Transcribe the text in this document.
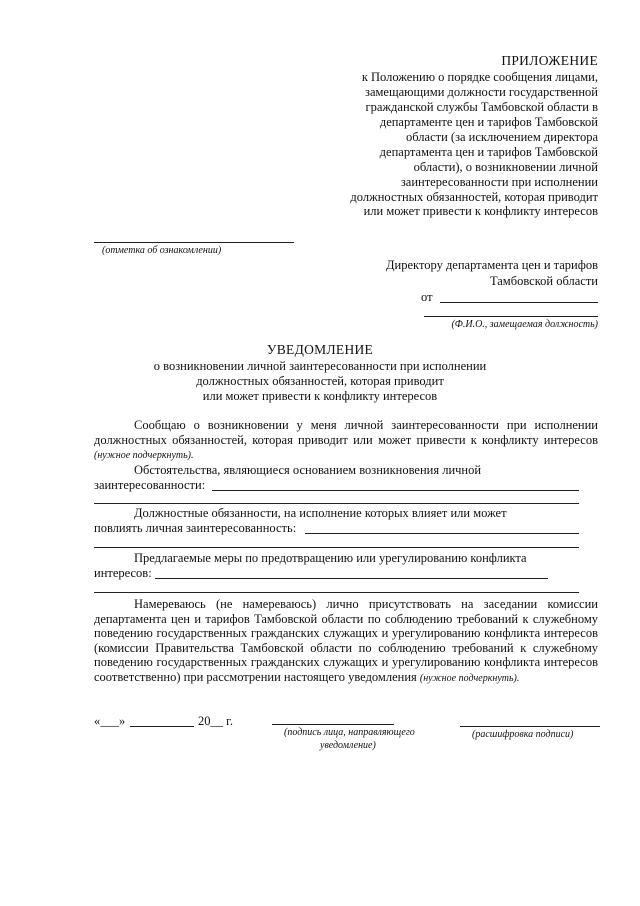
ПРИЛОЖЕНИЕ
к Положению о порядке сообщения лицами,
замещающими должности государственной
гражданской службы Тамбовской области в
департаменте цен и тарифов Тамбовской
области (за исключением директора
департамента цен и тарифов Тамбовской
области), о возникновении личной
заинтересованности при исполнении
должностных обязанностей, которая приводит
или может привести к конфликту интересов
(отметка об ознакомлении)
Директору департамента цен и тарифов
Тамбовской области
от
(Ф.И.О., замещаемая должность)
УВЕДОМЛЕНИЕ
о возникновении личной заинтересованности при исполнении
должностных обязанностей, которая приводит
или может привести к конфликту интересов
Сообщаю о возникновении у меня личной заинтересованности при исполнении должностных обязанностей, которая приводит или может привести к конфликту интересов (нужное подчеркнуть).
Обстоятельства, являющиеся основанием возникновения личной
заинтересованности:
Должностные обязанности, на исполнение которых влияет или может
повлиять личная заинтересованность:
Предлагаемые меры по предотвращению или урегулированию конфликта
интересов:
Намереваюсь (не намереваюсь) лично присутствовать на заседании комиссии департамента цен и тарифов Тамбовской области по соблюдению требований к служебному поведению государственных гражданских служащих и урегулированию конфликта интересов (комиссии Правительства Тамбовской области по соблюдению требований к служебному поведению государственных гражданских служащих и урегулированию конфликта интересов соответственно) при рассмотрении настоящего уведомления (нужное подчеркнуть).
«___»	20__ г.
(подпись лица, направляющего
уведомление)
(расшифровка подписи)
